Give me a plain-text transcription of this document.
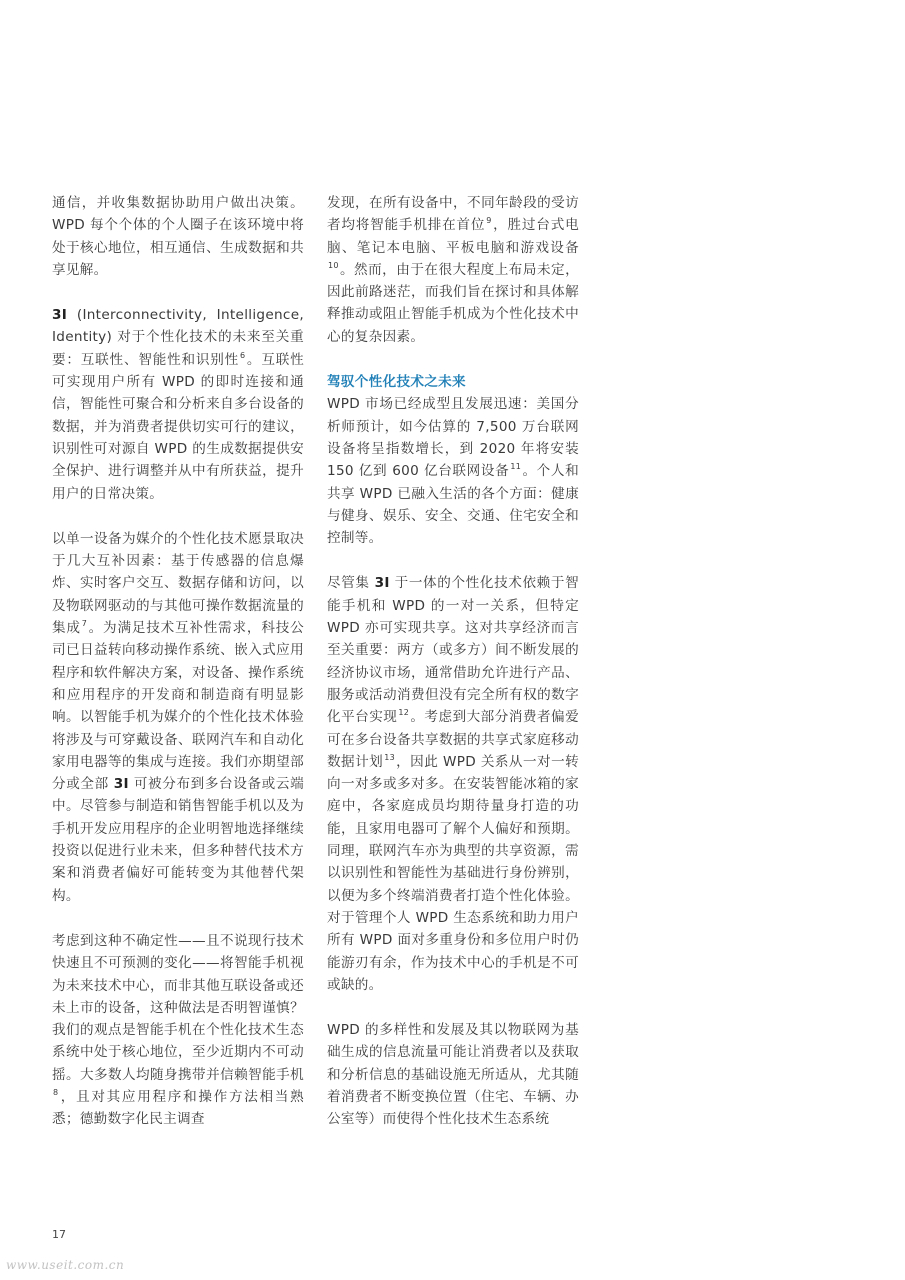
通信，并收集数据协助用户做出决策。WPD 每个个体的个人圈子在该环境中将处于核心地位，相互通信、生成数据和共享见解。

3I (Interconnectivity, Intelligence, Identity) 对于个性化技术的未来至关重要：互联性、智能性和识别性$^6$。互联性可实现用户所有 WPD 的即时连接和通信，智能性可聚合和分析来自多台设备的数据，并为消费者提供切实可行的建议，识别性可对源自 WPD 的生成数据提供安全保护、进行调整并从中有所获益，提升用户的日常决策。

以单一设备为媒介的个性化技术愿景取决于几大互补因素：基于传感器的信息爆炸、实时客户交互、数据存储和访问，以及物联网驱动的与其他可操作数据流量的集成$^7$。为满足技术互补性需求，科技公司已日益转向移动操作系统、嵌入式应用程序和软件解决方案，对设备、操作系统和应用程序的开发商和制造商有明显影响。以智能手机为媒介的个性化技术体验将涉及与可穿戴设备、联网汽车和自动化家用电器等的集成与连接。我们亦期望部分或全部 3I 可被分布到多台设备或云端中。尽管参与制造和销售智能手机以及为手机开发应用程序的企业明智地选择继续投资以促进行业未来，但多种替代技术方案和消费者偏好可能转变为其他替代架构。

考虑到这种不确定性——且不说现行技术快速且不可预测的变化——将智能手机视为未来技术中心，而非其他互联设备或还未上市的设备，这种做法是否明智谨慎？我们的观点是智能手机在个性化技术生态系统中处于核心地位，至少近期内不可动摇。大多数人均随身携带并信赖智能手机$^8$，且对其应用程序和操作方法相当熟悉；德勤数字化民主调查

发现，在所有设备中，不同年龄段的受访者均将智能手机排在首位$^9$，胜过台式电脑、笔记本电脑、平板电脑和游戏设备$^{10}$。然而，由于在很大程度上布局未定，因此前路迷茫，而我们旨在探讨和具体解释推动或阻止智能手机成为个性化技术中心的复杂因素。

驾驭个性化技术之未来

WPD 市场已经成型且发展迅速：美国分析师预计，如今估算的 7,500 万台联网设备将呈指数增长，到 2020 年将安装 150 亿到 600 亿台联网设备$^{11}$。个人和共享 WPD 已融入生活的各个方面：健康与健身、娱乐、安全、交通、住宅安全和控制等。

尽管集 3I 于一体的个性化技术依赖于智能手机和 WPD 的一对一关系，但特定 WPD 亦可实现共享。这对共享经济而言至关重要：两方（或多方）间不断发展的经济协议市场，通常借助允许进行产品、服务或活动消费但没有完全所有权的数字化平台实现$^{12}$。考虑到大部分消费者偏爱可在多台设备共享数据的共享式家庭移动数据计划$^{13}$，因此 WPD 关系从一对一转向一对多或多对多。在安装智能冰箱的家庭中，各家庭成员均期待量身打造的功能，且家用电器可了解个人偏好和预期。同理，联网汽车亦为典型的共享资源，需以识别性和智能性为基础进行身份辨别，以便为多个终端消费者打造个性化体验。对于管理个人 WPD 生态系统和助力用户所有 WPD 面对多重身份和多位用户时仍能游刃有余，作为技术中心的手机是不可或缺的。

WPD 的多样性和发展及其以物联网为基础生成的信息流量可能让消费者以及获取和分析信息的基础设施无所适从，尤其随着消费者不断变换位置（住宅、车辆、办公室等）而使得个性化技术生态系统

17
www.useit.com.cn
